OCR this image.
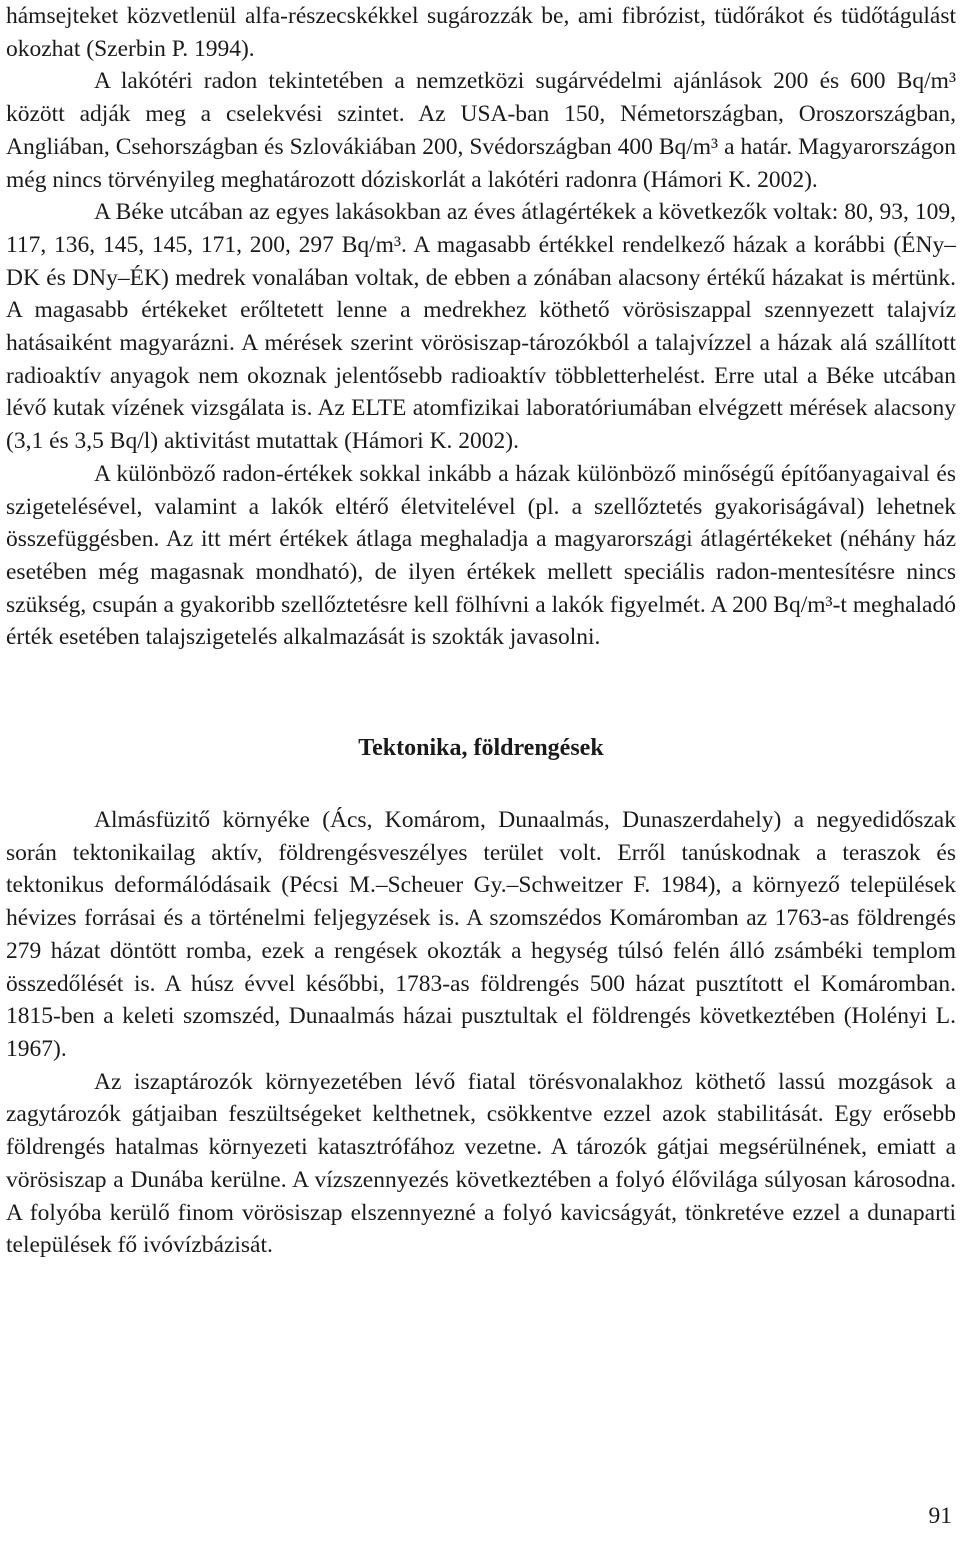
hámsejteket közvetlenül alfa-részecskékkel sugározzák be, ami fibrózist, tüdőrákot és tüdőtágulást okozhat (Szerbin P. 1994).

A lakótéri radon tekintetében a nemzetközi sugárvédelmi ajánlások 200 és 600 Bq/m³ között adják meg a cselekvési szintet. Az USA-ban 150, Németországban, Oroszországban, Angliában, Csehországban és Szlovákiában 200, Svédországban 400 Bq/m³ a határ. Magyarországon még nincs törvényileg meghatározott dóziskorlát a lakótéri radonra (Hámori K. 2002).

A Béke utcában az egyes lakásokban az éves átlagértékek a következők voltak: 80, 93, 109, 117, 136, 145, 145, 171, 200, 297 Bq/m³. A magasabb értékkel rendelkező házak a korábbi (ÉNy–DK és DNy–ÉK) medrek vonalában voltak, de ebben a zónában alacsony értékű házakat is mértünk. A magasabb értékeket erőltetett lenne a medrekhez köthető vörösiszappal szennyezett talajvíz hatásaiként magyarázni. A mérések szerint vörösiszap-tározókból a talajvízzel a házak alá szállított radioaktív anyagok nem okoznak jelentősebb radioaktív többletterhelést. Erre utal a Béke utcában lévő kutak vízének vizsgálata is. Az ELTE atomfizikai laboratóriumában elvégzett mérések alacsony (3,1 és 3,5 Bq/l) aktivitást mutattak (Hámori K. 2002).

A különböző radon-értékek sokkal inkább a házak különböző minőségű építőanyagaival és szigetelésével, valamint a lakók eltérő életvitelével (pl. a szellőztetés gyakoriságával) lehetnek összefüggésben. Az itt mért értékek átlaga meghaladja a magyarországi átlagértékeket (néhány ház esetében még magasnak mondható), de ilyen értékek mellett speciális radon-mentesítésre nincs szükség, csupán a gyakoribb szellőztetésre kell fölhívni a lakók figyelmét. A 200 Bq/m³-t meghaladó érték esetében talajszigetelés alkalmazását is szokták javasolni.

Tektonika, földrengések

Almásfüzitő környéke (Ács, Komárom, Dunaalmás, Dunaszerdahely) a negyedidőszak során tektonikailag aktív, földrengésveszélyes terület volt. Erről tanúskodnak a teraszok és tektonikus deformálódásaik (Pécsi M.–Scheuer Gy.–Schweitzer F. 1984), a környező települések hévizes forrásai és a történelmi feljegyzések is. A szomszédos Komáromban az 1763-as földrengés 279 házat döntött romba, ezek a rengések okozták a hegység túlsó felén álló zsámbéki templom összedőlését is. A húsz évvel későbbi, 1783-as földrengés 500 házat pusztított el Komáromban. 1815-ben a keleti szomszéd, Dunaalmás házai pusztultak el földrengés következtében (Holényi L. 1967).

Az iszaptározók környezetében lévő fiatal törésvonalakhoz köthető lassú mozgások a zagytározók gátjaiban feszültségeket kelthetnek, csökkentve ezzel azok stabilitását. Egy erősebb földrengés hatalmas környezeti katasztrófához vezetne. A tározók gátjai megsérülnének, emiatt a vörösiszap a Dunába kerülne. A vízszennyezés következtében a folyó élővilága súlyosan károsodna. A folyóba kerülő finom vörösiszap elszennyezné a folyó kavicságyát, tönkretéve ezzel a dunaparti települések fő ivóvízbázisát.

91
